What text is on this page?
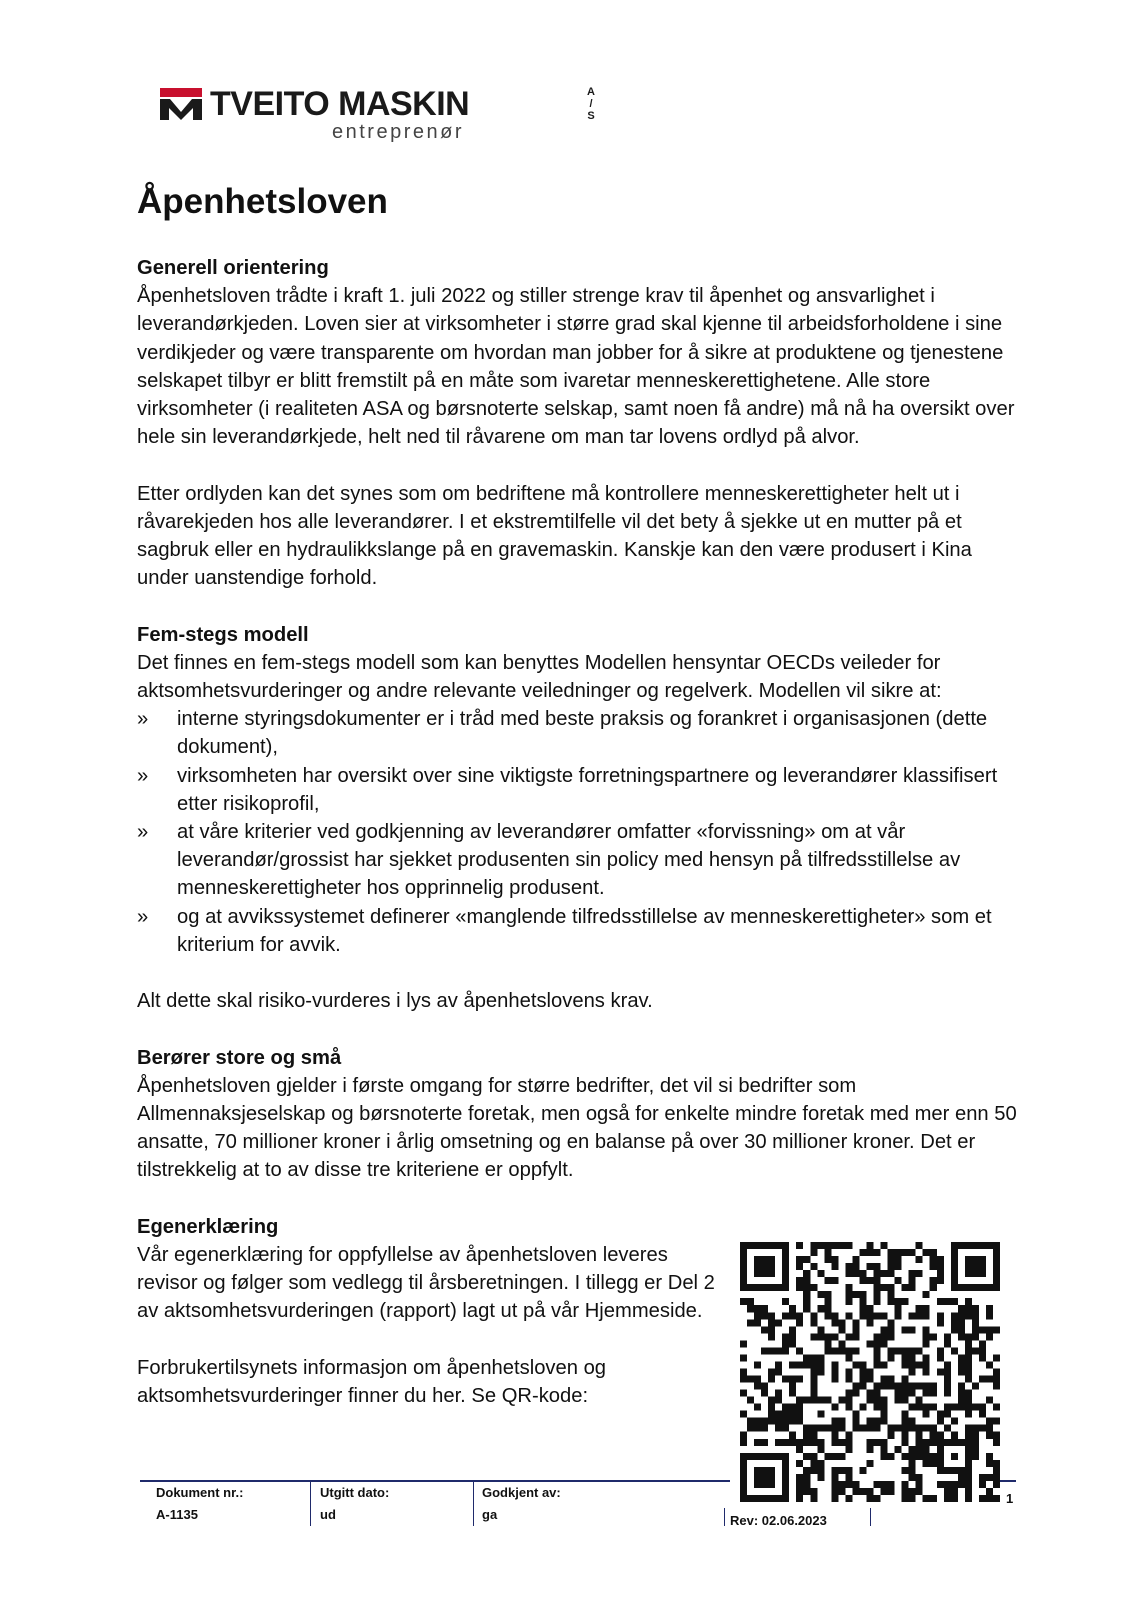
TVEITO MASKIN	A
/
S
entreprenør
Åpenhetsloven
Generell orientering

Åpenhetsloven trådte i kraft 1. juli 2022 og stiller strenge krav til åpenhet og ansvarlighet i leverandørkjeden. Loven sier at virksomheter i større grad skal kjenne til arbeidsforholdene i sine verdikjeder og være transparente om hvordan man jobber for å sikre at produktene og tjenestene selskapet tilbyr er blitt fremstilt på en måte som ivaretar menneskerettighetene. Alle store virksomheter (i realiteten ASA og børsnoterte selskap, samt noen få andre) må nå ha oversikt over hele sin leverandørkjede, helt ned til råvarene om man tar lovens ordlyd på alvor.

Etter ordlyden kan det synes som om bedriftene må kontrollere menneskerettigheter helt ut i råvarekjeden hos alle leverandører. I et ekstremtilfelle vil det bety å sjekke ut en mutter på et sagbruk eller en hydraulikkslange på en gravemaskin. Kanskje kan den være produsert i Kina under uanstendige forhold.

Fem-stegs modell

Det finnes en fem-stegs modell som kan benyttes Modellen hensyntar OECDs veileder for aktsomhetsvurderinger og andre relevante veiledninger og regelverk. Modellen vil sikre at:

» interne styringsdokumenter er i tråd med beste praksis og forankret i organisasjonen (dette dokument),
» virksomheten har oversikt over sine viktigste forretningspartnere og leverandører klassifisert etter risikoprofil,
» at våre kriterier ved godkjenning av leverandører omfatter «forvissning» om at vår leverandør/grossist har sjekket produsenten sin policy med hensyn på tilfredsstillelse av menneskerettigheter hos opprinnelig produsent.
» og at avvikssystemet definerer «manglende tilfredsstillelse av menneskerettigheter» som et kriterium for avvik.

Alt dette skal risiko-vurderes i lys av åpenhetslovens krav.

Berører store og små

Åpenhetsloven gjelder i første omgang for større bedrifter, det vil si bedrifter som Allmennaksjeselskap og børsnoterte foretak, men også for enkelte mindre foretak med mer enn 50 ansatte, 70 millioner kroner i årlig omsetning og en balanse på over 30 millioner kroner. Det er tilstrekkelig at to av disse tre kriteriene er oppfylt.

Egenerklæring

Vår egenerklæring for oppfyllelse av åpenhetsloven leveres revisor og følger som vedlegg til årsberetningen. I tillegg er Del 2 av aktsomhetsvurderingen (rapport) lagt ut på vår Hjemmeside.

Forbrukertilsynets informasjon om åpenhetsloven og aktsomhetsvurderinger finner du her. Se QR-kode:

Dokument nr.:
A-1135
Utgitt dato:
ud
Godkjent av:
ga	Rev: 02.06.2023
1
